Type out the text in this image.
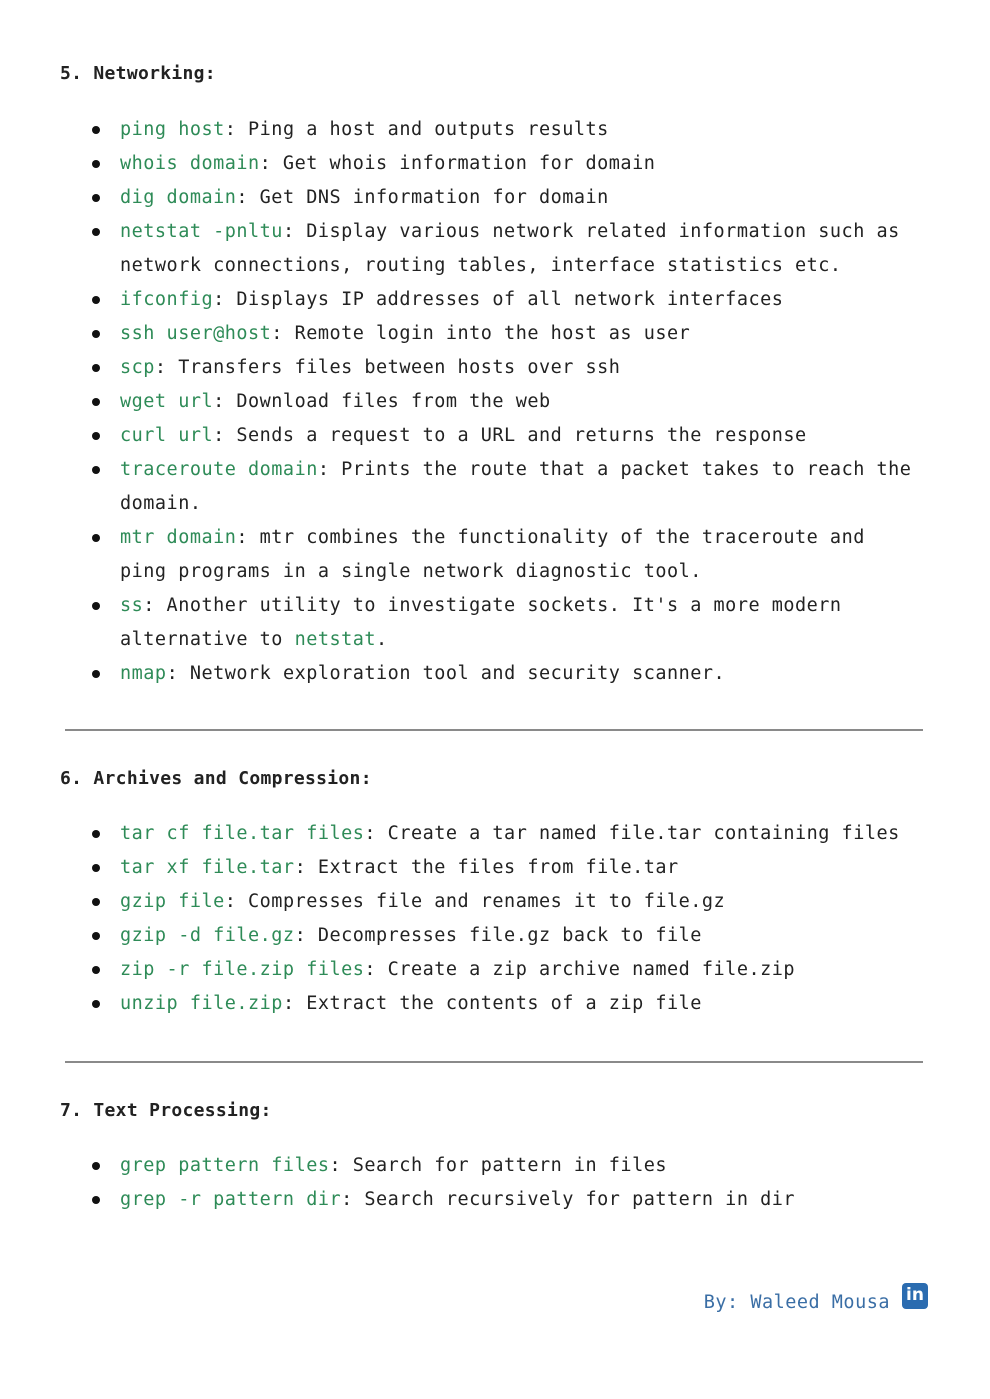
5. Networking:
ping host: Ping a host and outputs results
whois domain: Get whois information for domain
dig domain: Get DNS information for domain
netstat -pnltu: Display various network related information such as network connections, routing tables, interface statistics etc.
ifconfig: Displays IP addresses of all network interfaces
ssh user@host: Remote login into the host as user
scp: Transfers files between hosts over ssh
wget url: Download files from the web
curl url: Sends a request to a URL and returns the response
traceroute domain: Prints the route that a packet takes to reach the domain.
mtr domain: mtr combines the functionality of the traceroute and ping programs in a single network diagnostic tool.
ss: Another utility to investigate sockets. It's a more modern alternative to netstat.
nmap: Network exploration tool and security scanner.
6. Archives and Compression:
tar cf file.tar files: Create a tar named file.tar containing files
tar xf file.tar: Extract the files from file.tar
gzip file: Compresses file and renames it to file.gz
gzip -d file.gz: Decompresses file.gz back to file
zip -r file.zip files: Create a zip archive named file.zip
unzip file.zip: Extract the contents of a zip file
7. Text Processing:
grep pattern files: Search for pattern in files
grep -r pattern dir: Search recursively for pattern in dir
By: Waleed Mousa in
